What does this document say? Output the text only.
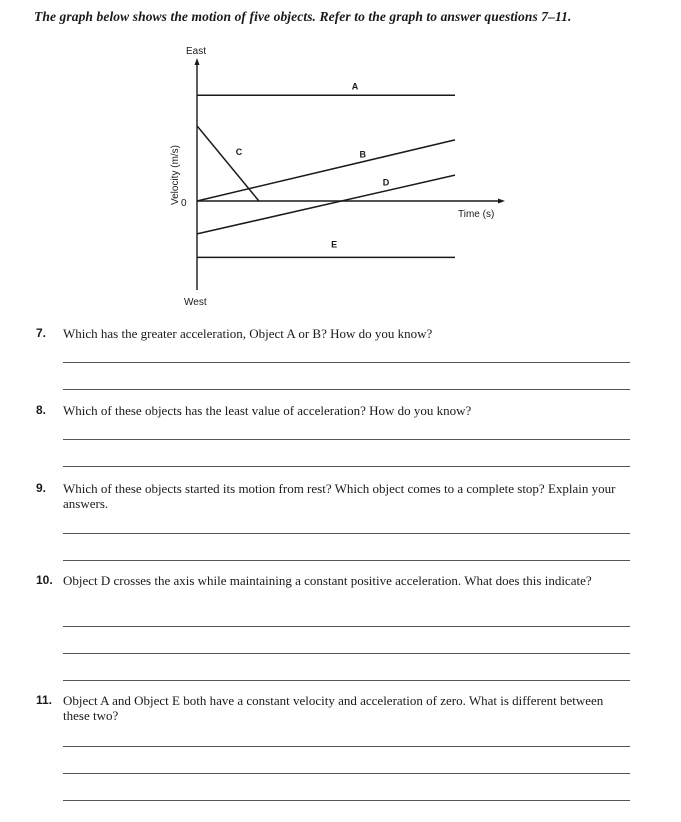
The graph below shows the motion of five objects. Refer to the graph to answer questions 7–11.
East
West
0
Time (s)
Velocity (m/s)
A
B
C
D
E
7. Which has the greater acceleration, Object A or B? How do you know?
8. Which of these objects has the least value of acceleration? How do you know?
9. Which of these objects started its motion from rest? Which object comes to a complete stop? Explain your answers.
10. Object D crosses the axis while maintaining a constant positive acceleration. What does this indicate?
11. Object A and Object E both have a constant velocity and acceleration of zero. What is different between these two?
